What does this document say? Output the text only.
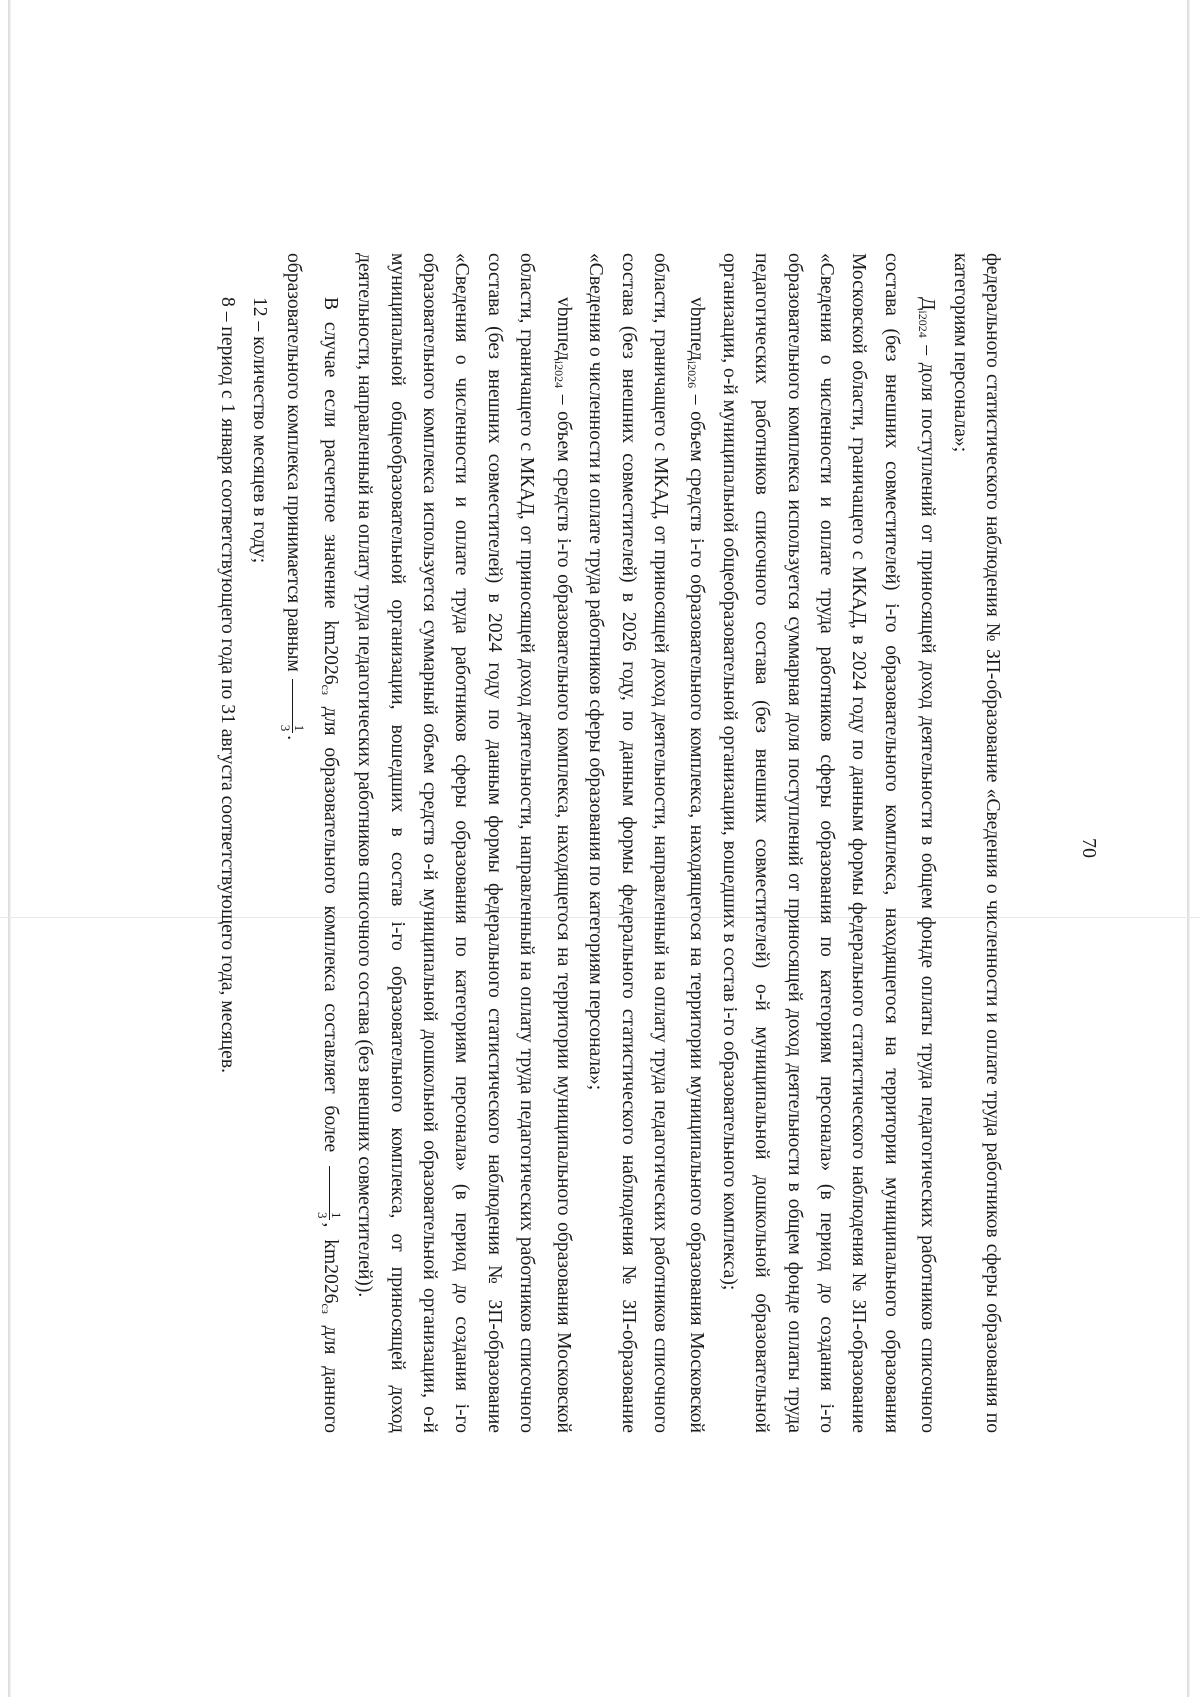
70

федерального статистического наблюдения № ЗП-образование «Сведения о численности и оплате труда работников сферы образования по категориям персонала»;

$Д_{i2024}$ – доля поступлений от приносящей доход деятельности в общем фонде оплаты труда педагогических работников списочного состава (без внешних совместителей) i-го образовательного комплекса, находящегося на территории муниципального образования Московской области, граничащего с МКАД, в 2024 году по данным формы федерального статистического наблюдения № ЗП-образование «Сведения о численности и оплате труда работников сферы образования по категориям персонала» (в период до создания i-го образовательного комплекса используется суммарная доля поступлений от приносящей доход деятельности в общем фонде оплаты труда педагогических работников списочного состава (без внешних совместителей) о-й муниципальной дошкольной образовательной организации, о-й муниципальной общеобразовательной организации, вошедших в состав i-го образовательного комплекса);

vbmпед$_{i2026}$ – объем средств i-го образовательного комплекса, находящегося на территории муниципального образования Московской области, граничащего с МКАД, от приносящей доход деятельности, направленный на оплату труда педагогических работников списочного состава (без внешних совместителей) в 2026 году, по данным формы федерального статистического наблюдения № ЗП-образование «Сведения о численности и оплате труда работников сферы образования по категориям персонала»;

vbmпед$_{i2024}$ – объем средств i-го образовательного комплекса, находящегося на территории муниципального образования Московской области, граничащего с МКАД, от приносящей доход деятельности, направленный на оплату труда педагогических работников списочного состава (без внешних совместителей) в 2024 году по данным формы федерального статистического наблюдения № ЗП-образование «Сведения о численности и оплате труда работников сферы образования по категориям персонала» (в период до создания i-го образовательного комплекса используется суммарный объем средств о-й муниципальной дошкольной образовательной организации, о-й муниципальной общеобразовательной организации, вошедших в состав i-го образовательного комплекса, от приносящей доход деятельности, направленный на оплату труда педагогических работников списочного состава (без внешних совместителей)).

В случае если расчетное значение $km2026_{сз}$ для образовательного комплекса составляет более
1
3
, $km2026_{сз}$ для данного образовательного комплекса принимается равным
1
3
.

12 – количество месяцев в году;

8 – период с 1 января соответствующего года по 31 августа соответствующего года, месяцев.
